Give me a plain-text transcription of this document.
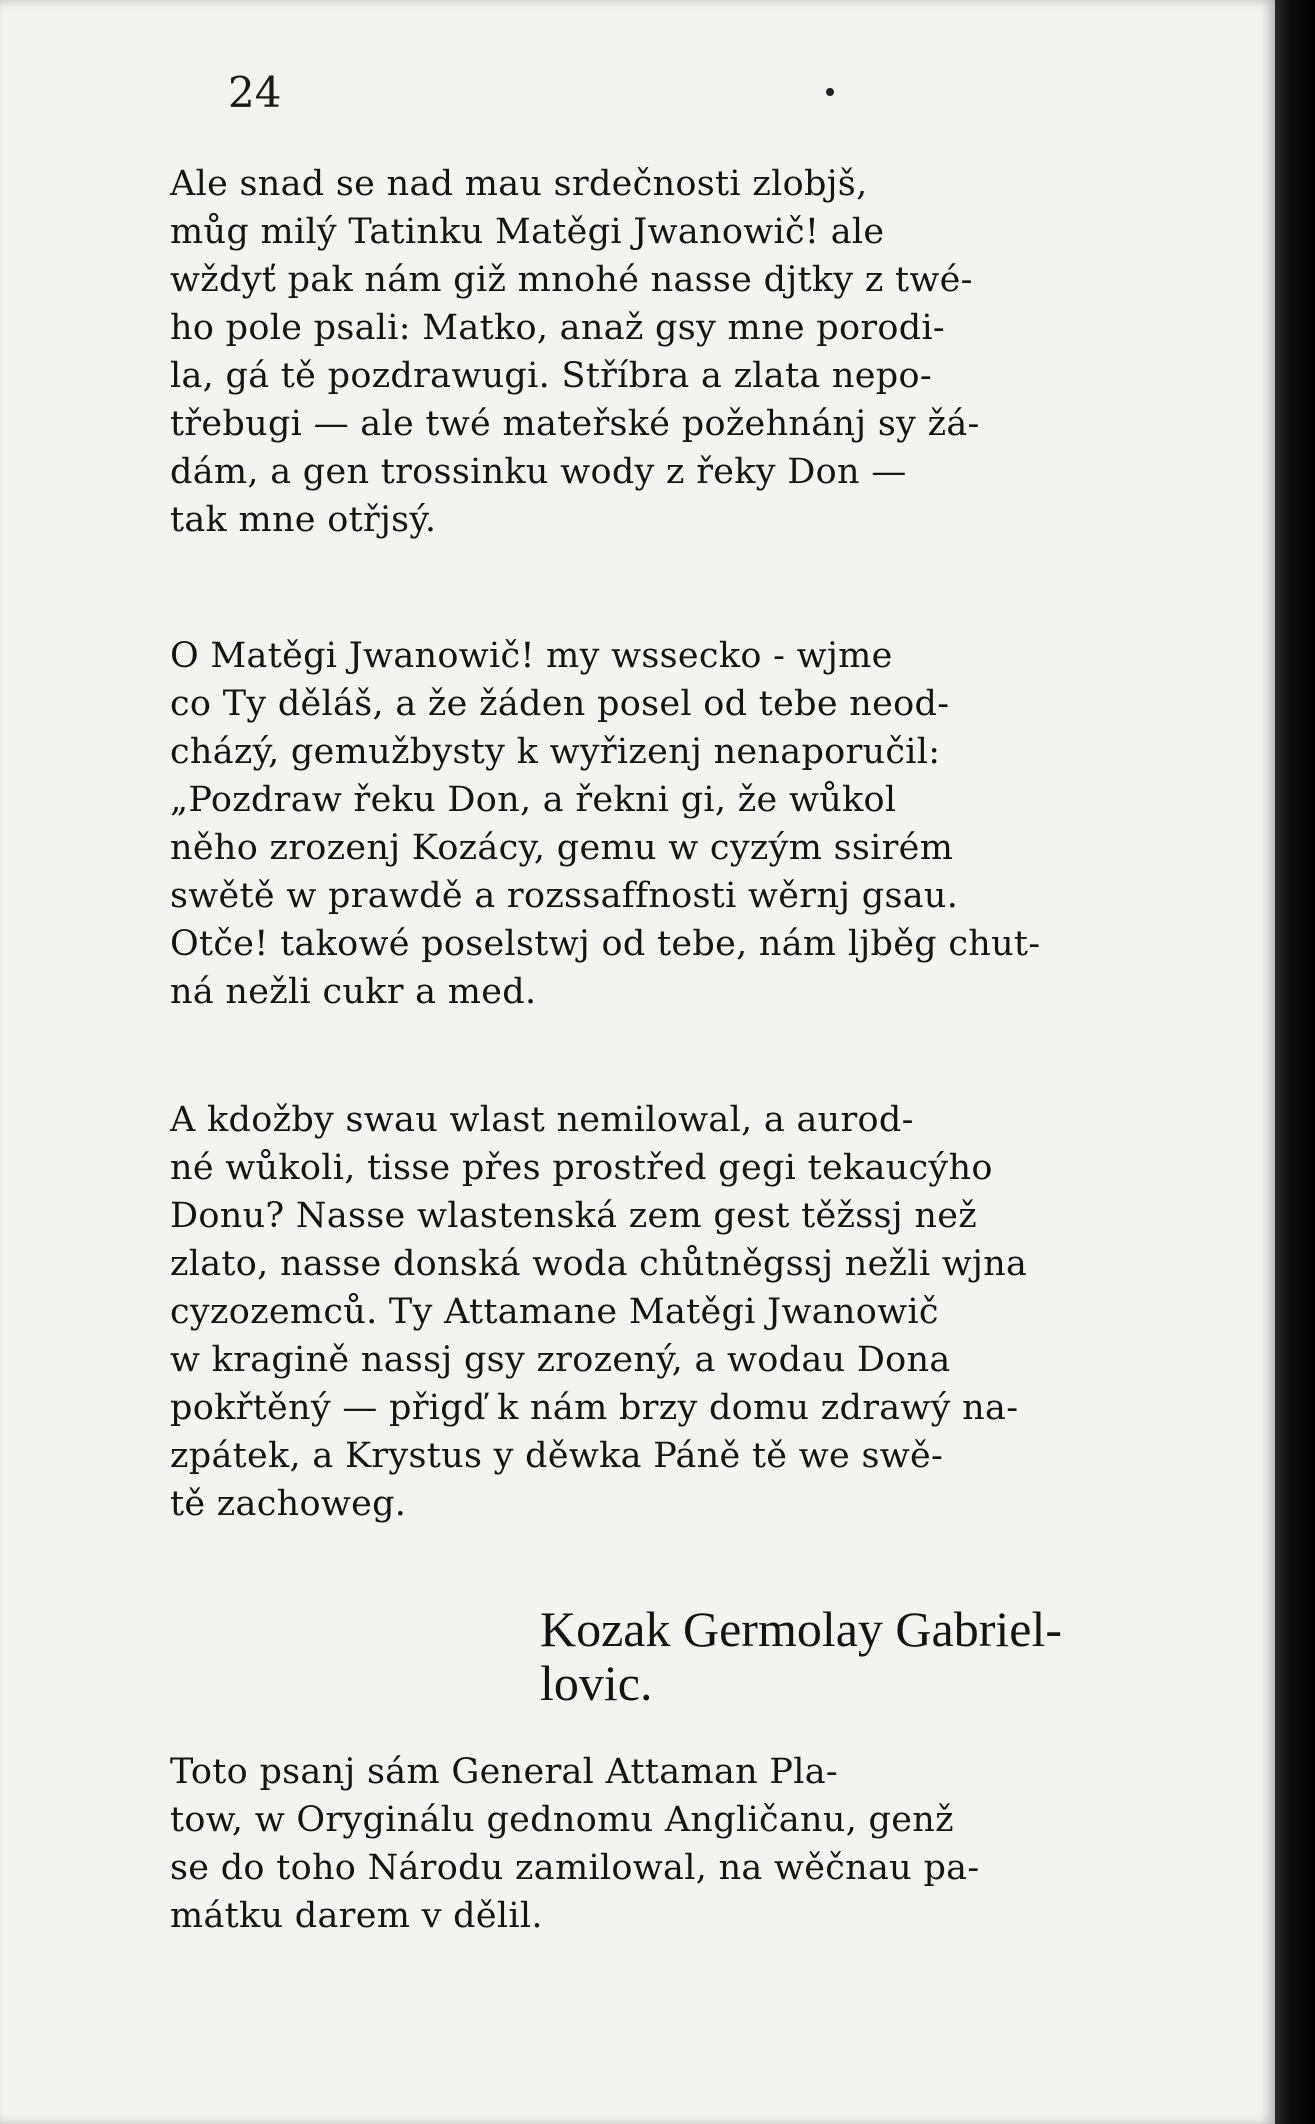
24
Ale snad se nad mau srdečnosti zlobjš,
můg milý Tatinku Matěgi Jwanowič! ale
wždyť pak nám giž mnohé nasse djtky z twé-
ho pole psali: Matko, anaž gsy mne porodi-
la, gá tě pozdrawugi. Stříbra a zlata nepo-
třebugi — ale twé mateřské požehnánj sy žá-
dám, a gen trossinku wody z řeky Don —
tak mne otřjsý.
O Matěgi Jwanowič! my wssecko - wjme
co Ty děláš, a že žáden posel od tebe neod-
cházý, gemužbysty k wyřizenj nenaporučil:
„Pozdraw řeku Don, a řekni gi, že wůkol
něho zrozenj Kozácy, gemu w cyzým ssirém
swětě w prawdě a rozssaffnosti wěrnj gsau.
Otče! takowé poselstwj od tebe, nám ljběg chut-
ná nežli cukr a med.
A kdožby swau wlast nemilowal, a aurod-
né wůkoli, tisse přes prostřed gegi tekaucýho
Donu? Nasse wlastenská zem gest těžssj než
zlato, nasse donská woda chůtněgssj nežli wjna
cyzozemců. Ty Attamane Matěgi Jwanowič
w kragině nassj gsy zrozený, a wodau Dona
pokřtěný — přigď k nám brzy domu zdrawý na-
zpátek, a Krystus y děwka Páně tě we swě-
tě zachoweg.
Kozak Germolay Gabriel-
lovic.
Toto psanj sám General Attaman Pla-
tow, w Oryginálu gednomu Angličanu, genž
se do toho Národu zamilowal, na wěčnau pa-
mátku darem v dělil.
